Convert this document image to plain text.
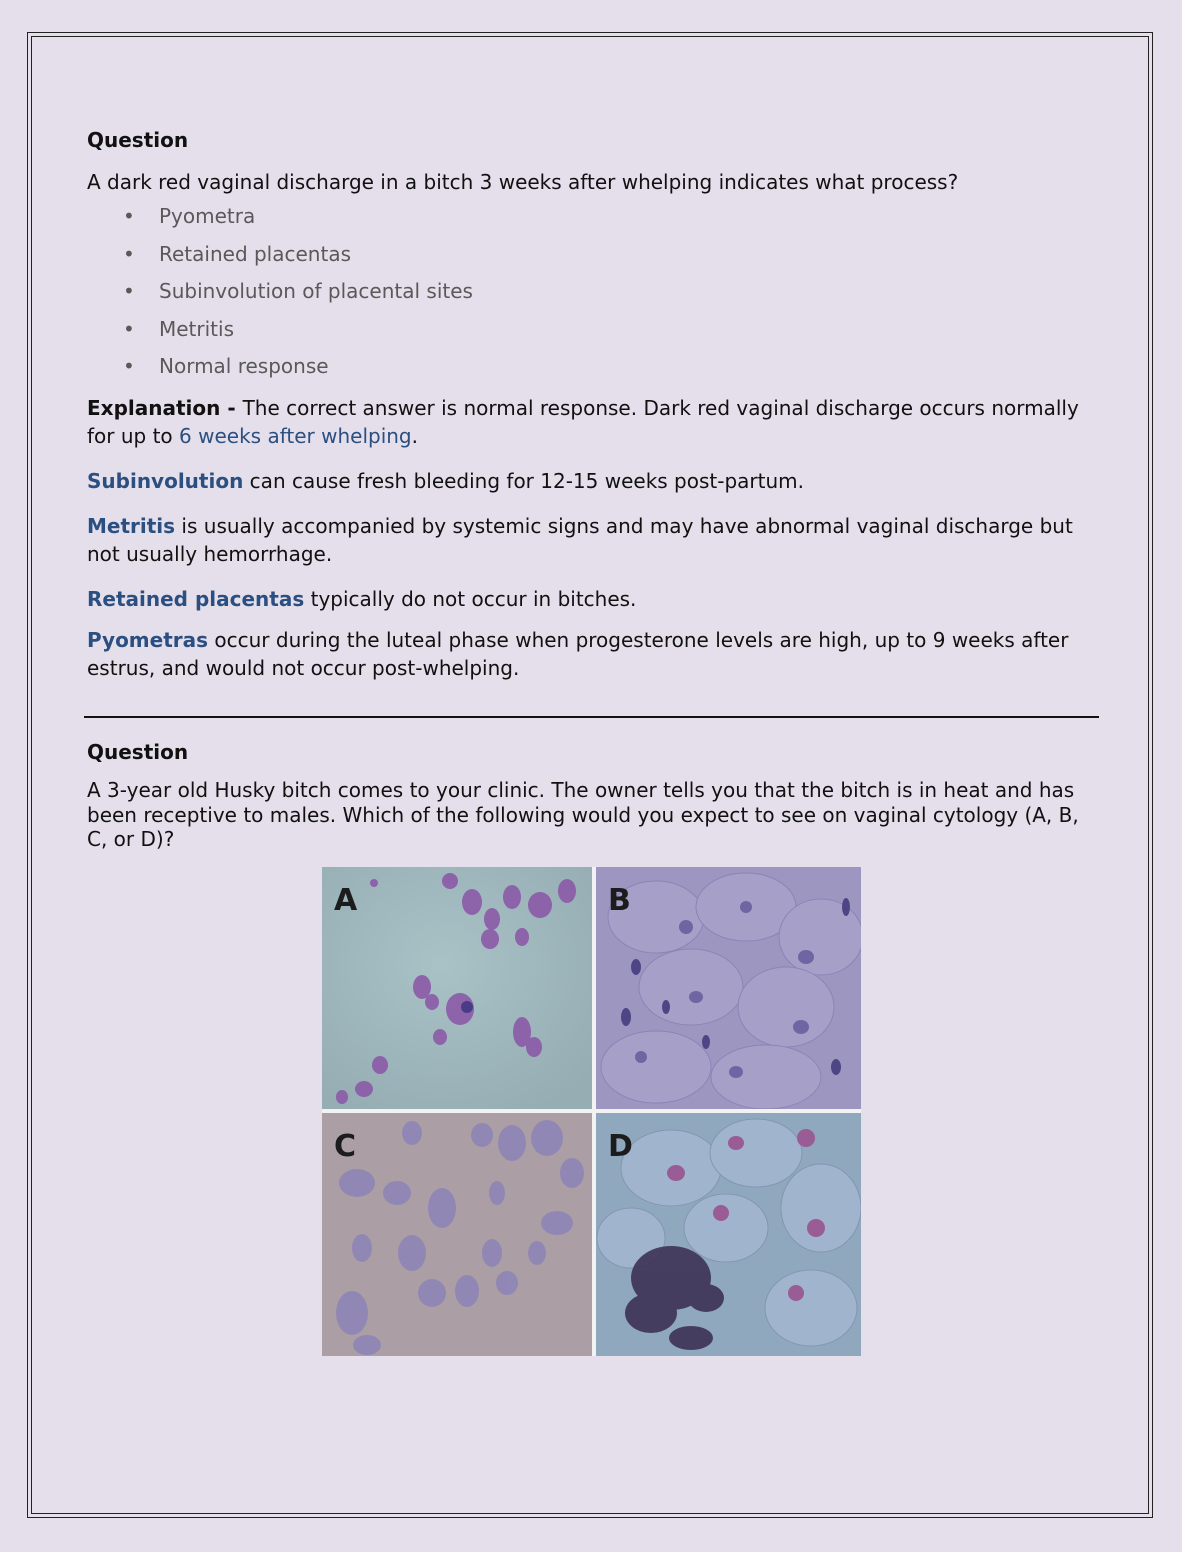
Question

A dark red vaginal discharge in a bitch 3 weeks after whelping indicates what process?

• Pyometra
• Retained placentas
• Subinvolution of placental sites
• Metritis
• Normal response

Explanation - The correct answer is normal response. Dark red vaginal discharge occurs normally for up to 6 weeks after whelping.

Subinvolution can cause fresh bleeding for 12-15 weeks post-partum.

Metritis is usually accompanied by systemic signs and may have abnormal vaginal discharge but not usually hemorrhage.

Retained placentas typically do not occur in bitches.

Pyometras occur during the luteal phase when progesterone levels are high, up to 9 weeks after estrus, and would not occur post-whelping.

Question

A 3-year old Husky bitch comes to your clinic. The owner tells you that the bitch is in heat and has been receptive to males. Which of the following would you expect to see on vaginal cytology (A, B, C, or D)?

A	B
C	D
